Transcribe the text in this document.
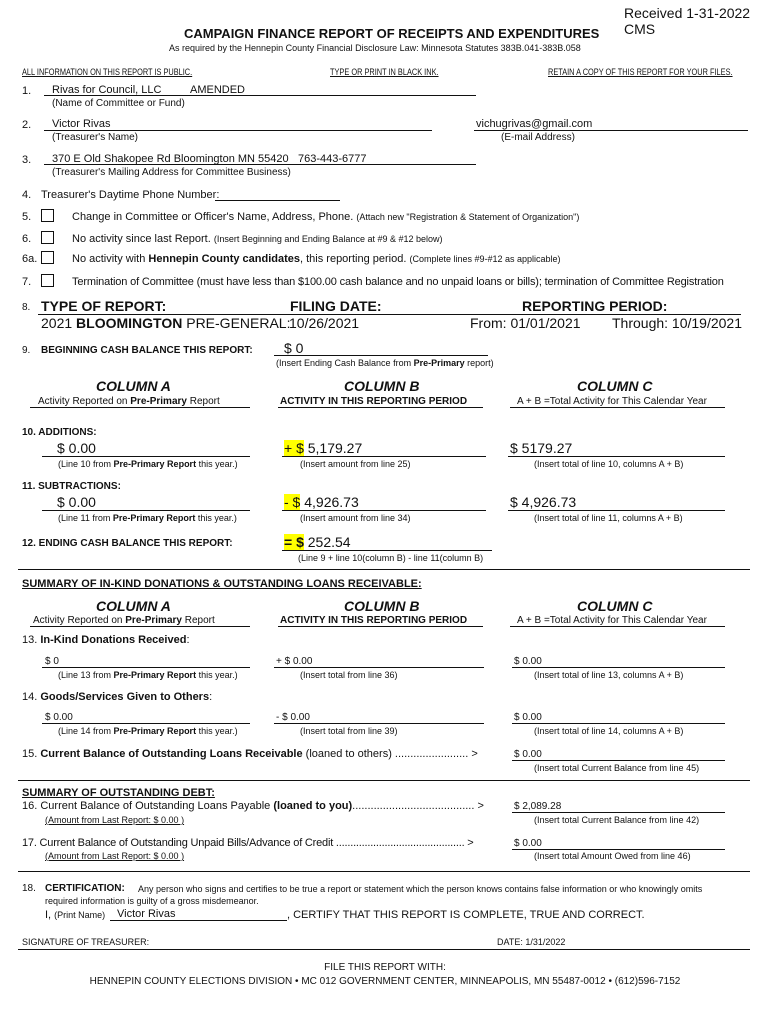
Received 1-31-2022
CMS
CAMPAIGN FINANCE REPORT OF RECEIPTS AND EXPENDITURES
As required by the Hennepin County Financial Disclosure Law: Minnesota Statutes 383B.041-383B.058
ALL INFORMATION ON THIS REPORT IS PUBLIC.	TYPE OR PRINT IN BLACK INK.	RETAIN A COPY OF THIS REPORT FOR YOUR FILES.
1. Rivas for Council, LLC	AMENDED
(Name of Committee or Fund)
2. Victor Rivas
(Treasurer's Name)
vichugrivas@gmail.com
(E-mail Address)
3. 370 E Old Shakopee Rd Bloomington MN 55420 763-443-6777
(Treasurer's Mailing Address for Committee Business)
4. Treasurer's Daytime Phone Number:
5.	Change in Committee or Officer's Name, Address, Phone. (Attach new "Registration & Statement of Organization")
6.	No activity since last Report. (Insert Beginning and Ending Balance at #9 & #12 below)
6a.	No activity with Hennepin County candidates, this reporting period. (Complete lines #9-#12 as applicable)
7.	Termination of Committee (must have less than $100.00 cash balance and no unpaid loans or bills); termination of Committee Registration
8. TYPE OF REPORT:	FILING DATE:	REPORTING PERIOD:
2021 BLOOMINGTON PRE-GENERAL:
10/26/2021	From: 01/01/2021 Through: 10/19/2021
9. BEGINNING CASH BALANCE THIS REPORT: $ 0
(Insert Ending Cash Balance from Pre-Primary report)
COLUMN A	COLUMN B	COLUMN C
Activity Reported on Pre-Primary Report	ACTIVITY IN THIS REPORTING PERIOD	A + B =Total Activity for This Calendar Year
10. ADDITIONS:
$ 0.00	+ $ 5,179.27	$ 5179.27
(Line 10 from Pre-Primary Report this year.)	(Insert amount from line 25)	(Insert total of line 10, columns A + B)
11. SUBTRACTIONS:
$ 0.00	- $ 4,926.73	$ 4,926.73
(Line 11 from Pre-Primary Report this year.)	(Insert amount from line 34)	(Insert total of line 11, columns A + B)
12. ENDING CASH BALANCE THIS REPORT:	= $ 252.54
(Line 9 + line 10(column B) - line 11(column B)
SUMMARY OF IN-KIND DONATIONS & OUTSTANDING LOANS RECEIVABLE:
COLUMN A	COLUMN B	COLUMN C
Activity Reported on Pre-Primary Report	ACTIVITY IN THIS REPORTING PERIOD	A + B =Total Activity for This Calendar Year
13. In-Kind Donations Received:
$ 0	+ $ 0.00	$ 0.00
(Line 13 from Pre-Primary Report this year.)	(Insert total from line 36)	(Insert total of line 13, columns A + B)
14. Goods/Services Given to Others:
$ 0.00	- $ 0.00	$ 0.00
(Line 14 from Pre-Primary Report this year.)	(Insert total from line 39)	(Insert total of line 14, columns A + B)
15. Current Balance of Outstanding Loans Receivable (loaned to others) ........................ >	$ 0.00
(Insert total Current Balance from line 45)
SUMMARY OF OUTSTANDING DEBT:
16. Current Balance of Outstanding Loans Payable (loaned to you)........................................ >	$ 2,089.28
(Amount from Last Report: $ 0.00 )	(Insert total Current Balance from line 42)
17. Current Balance of Outstanding Unpaid Bills/Advance of Credit ............................................. >	$ 0.00
(Amount from Last Report: $ 0.00 )	(Insert total Amount Owed from line 46)
18. CERTIFICATION: Any person who signs and certifies to be true a report or statement which the person knows contains false information or who knowingly omits
required information is guilty of a gross misdemeanor.
I, (Print Name) Victor Rivas	, CERTIFY THAT THIS REPORT IS COMPLETE, TRUE AND CORRECT.
SIGNATURE OF TREASURER:	DATE: 1/31/2022
FILE THIS REPORT WITH:
HENNEPIN COUNTY ELECTIONS DIVISION • MC 012 GOVERNMENT CENTER, MINNEAPOLIS, MN 55487-0012 • (612)596-7152
